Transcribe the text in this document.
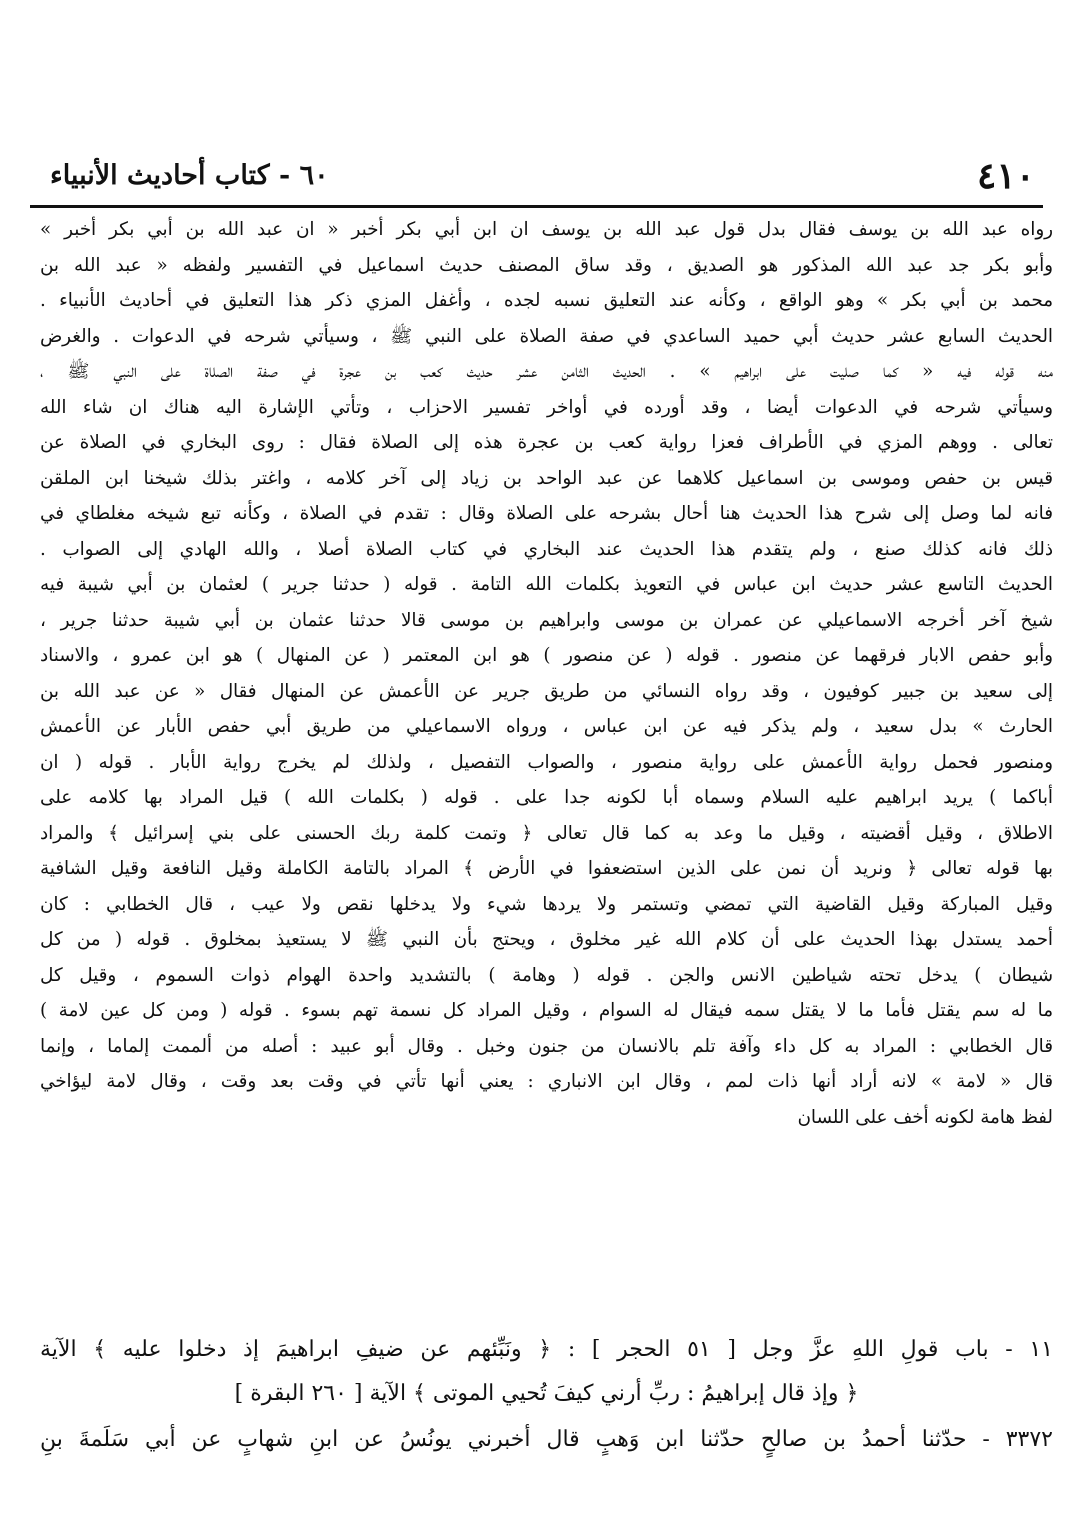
٤١٠
٦٠ - كتاب أحاديث الأنبياء
رواه عبد الله بن يوسف فقال بدل قول عبد الله بن يوسف ان ابن أبي بكر أخبر « ان عبد الله بن أبي بكر أخبر »
وأبو بكر جد عبد الله المذكور هو الصديق ، وقد ساق المصنف حديث اسماعيل في التفسير ولفظه « عبد الله بن
محمد بن أبي بكر » وهو الواقع ، وكأنه عند التعليق نسبه لجده ، وأغفل المزي ذكر هذا التعليق في أحاديث الأنبياء .
الحديث السابع عشر حديث أبي حميد الساعدي في صفة الصلاة على النبي ﷺ ، وسيأتي شرحه في الدعوات . والغرض
منه قوله فيه « كما صليت على ابراهيم » . الحديث الثامن عشر حديث كعب بن عجرة في صفة الصلاة على النبي ﷺ ،
وسيأتي شرحه في الدعوات أيضا ، وقد أورده في أواخر تفسير الاحزاب ، وتأتي الإشارة اليه هناك ان شاء الله
تعالى . ووهم المزي في الأطراف فعزا رواية كعب بن عجرة هذه إلى الصلاة فقال : روى البخاري في الصلاة عن
قيس بن حفص وموسى بن اسماعيل كلاهما عن عبد الواحد بن زياد إلى آخر كلامه ، واغتر بذلك شيخنا ابن الملقن
فانه لما وصل إلى شرح هذا الحديث هنا أحال بشرحه على الصلاة وقال : تقدم في الصلاة ، وكأنه تبع شيخه مغلطاي في
ذلك فانه كذلك صنع ، ولم يتقدم هذا الحديث عند البخاري في كتاب الصلاة أصلا ، والله الهادي إلى الصواب .
الحديث التاسع عشر حديث ابن عباس في التعويذ بكلمات الله التامة . قوله ( حدثنا جرير ) لعثمان بن أبي شيبة فيه
شيخ آخر أخرجه الاسماعيلي عن عمران بن موسى وابراهيم بن موسى قالا حدثنا عثمان بن أبي شيبة حدثنا جرير ،
وأبو حفص الابار فرقهما عن منصور . قوله ( عن منصور ) هو ابن المعتمر ( عن المنهال ) هو ابن عمرو ، والاسناد
إلى سعيد بن جبير كوفيون ، وقد رواه النسائي من طريق جرير عن الأعمش عن المنهال فقال « عن عبد الله بن
الحارث » بدل سعيد ، ولم يذكر فيه عن ابن عباس ، ورواه الاسماعيلي من طريق أبي حفص الأبار عن الأعمش
ومنصور فحمل رواية الأعمش على رواية منصور ، والصواب التفصيل ، ولذلك لم يخرج رواية الأبار . قوله ( ان
أباكما ) يريد ابراهيم عليه السلام وسماه أبا لكونه جدا على . قوله ( بكلمات الله ) قيل المراد بها كلامه على
الاطلاق ، وقيل أقضيته ، وقيل ما وعد به كما قال تعالى ﴿ وتمت كلمة ربك الحسنى على بني إسرائيل ﴾ والمراد
بها قوله تعالى ﴿ ونريد أن نمن على الذين استضعفوا في الأرض ﴾ المراد بالتامة الكاملة وقيل النافعة وقيل الشافية
وقيل المباركة وقيل القاضية التي تمضي وتستمر ولا يردها شيء ولا يدخلها نقص ولا عيب ، قال الخطابي : كان
أحمد يستدل بهذا الحديث على أن كلام الله غير مخلوق ، ويحتج بأن النبي ﷺ لا يستعيذ بمخلوق . قوله ( من كل
شيطان ) يدخل تحته شياطين الانس والجن . قوله ( وهامة ) بالتشديد واحدة الهوام ذوات السموم ، وقيل كل
ما له سم يقتل فأما ما لا يقتل سمه فيقال له السوام ، وقيل المراد كل نسمة تهم بسوء . قوله ( ومن كل عين لامة )
قال الخطابي : المراد به كل داء وآفة تلم بالانسان من جنون وخبل . وقال أبو عبيد : أصله من ألممت إلماما ، وإنما
قال « لامة » لانه أراد أنها ذات لمم ، وقال ابن الانباري : يعني أنها تأتي في وقت بعد وقت ، وقال لامة ليؤاخي
لفظ هامة لكونه أخف على اللسان
١١ - باب قولِ اللهِ عزَّ وجل [ ٥١ الحجر ] : ﴿ ونَبِّئهم عن ضيفِ ابراهيمَ إذ دخلوا عليه ﴾ الآية
﴿ وإذ قال إبراهيمُ : ربِّ أرني كيفَ تُحيي الموتى ﴾ الآية [ ٢٦٠ البقرة ]
٣٣٧٢ - حدّثنا أحمدُ بن صالحٍ حدّثنا ابن وَهبٍ قال أخبرني يونُسُ عن ابنِ شهابٍ عن أبي سَلَمةَ بنِ
